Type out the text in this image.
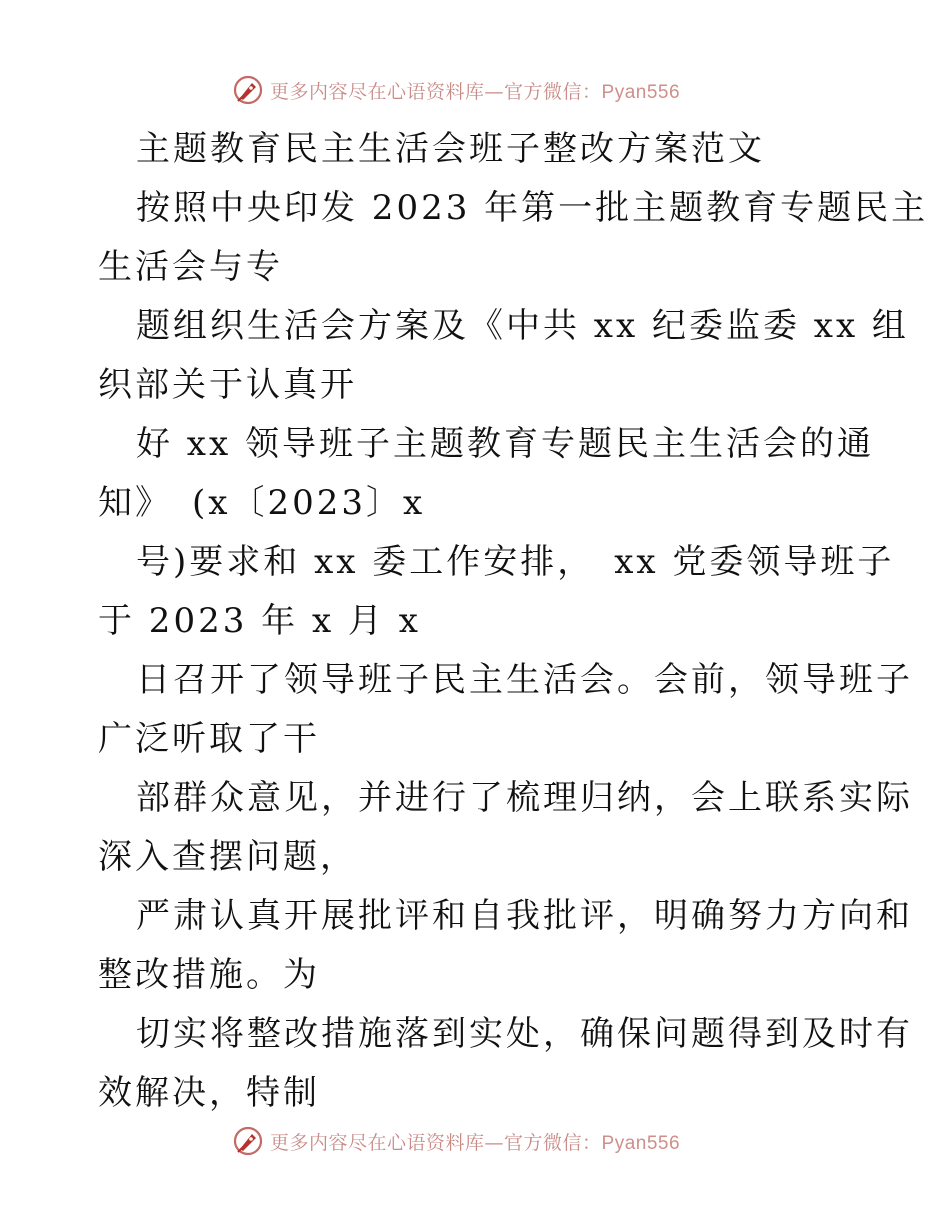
更多内容尽在心语资料库—官方微信：Pyan556
主题教育民主生活会班子整改方案范文
按照中央印发 2023 年第一批主题教育专题民主
生活会与专
题组织生活会方案及《中共 xx 纪委监委 xx 组
织部关于认真开
好 xx 领导班子主题教育专题民主生活会的通
知》　(x〔2023〕x
号)要求和 xx 委工作安排，　xx 党委领导班子
于 2023 年 x 月 x
日召开了领导班子民主生活会。会前，领导班子
广泛听取了干
部群众意见，并进行了梳理归纳，会上联系实际
深入查摆问题，
严肃认真开展批评和自我批评，明确努力方向和
整改措施。为
切实将整改措施落到实处，确保问题得到及时有
效解决，特制
更多内容尽在心语资料库—官方微信：Pyan556
